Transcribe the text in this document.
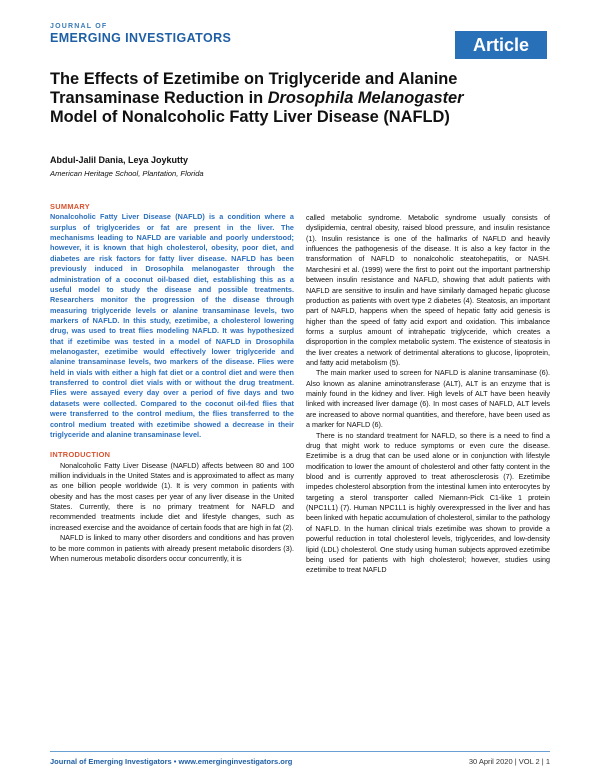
JOURNAL OF
EMERGING INVESTIGATORS	Article
The Effects of Ezetimibe on Triglyceride and Alanine
Transaminase Reduction in Drosophila Melanogaster
Model of Nonalcoholic Fatty Liver Disease (NAFLD)
Abdul-Jalil Dania, Leya Joykutty
American Heritage School, Plantation, Florida
SUMMARY

Nonalcoholic Fatty Liver Disease (NAFLD) is a condition where a surplus of triglycerides or fat are present in the liver. The mechanisms leading to NAFLD are variable and poorly understood; however, it is known that high cholesterol, obesity, poor diet, and diabetes are risk factors for fatty liver disease. NAFLD has been previously induced in Drosophila melanogaster through the administration of a coconut oil-based diet, establishing this as a useful model to study the disease and possible treatments. Researchers monitor the progression of the disease through measuring triglyceride levels or alanine transaminase levels, two markers of NAFLD. In this study, ezetimibe, a cholesterol lowering drug, was used to treat flies modeling NAFLD. It was hypothesized that if ezetimibe was tested in a model of NAFLD in Drosophila melanogaster, ezetimibe would effectively lower triglyceride and alanine transaminase levels, two markers of the disease. Flies were held in vials with either a high fat diet or a control diet and were then transferred to control diet vials with or without the drug treatment. Flies were assayed every day over a period of five days and two datasets were collected. Compared to the coconut oil-fed flies that were transferred to the control medium, the flies transferred to the control medium treated with ezetimibe showed a decrease in their triglyceride and alanine transaminase level.

INTRODUCTION

Nonalcoholic Fatty Liver Disease (NAFLD) affects between 80 and 100 million individuals in the United States and is approximated to affect as many as one billion people worldwide (1). It is very common in patients with obesity and has the most cases per year of any liver disease in the United States. Currently, there is no primary treatment for NAFLD and recommended treatments include diet and lifestyle changes, such as increased exercise and the avoidance of certain foods that are high in fat (2).

NAFLD is linked to many other disorders and conditions and has proven to be more common in patients with already present metabolic disorders (3). When numerous metabolic disorders occur concurrently, it is

called metabolic syndrome. Metabolic syndrome usually consists of dyslipidemia, central obesity, raised blood pressure, and insulin resistance (1). Insulin resistance is one of the hallmarks of NAFLD and heavily influences the pathogenesis of the disease. It is also a key factor in the transformation of NAFLD to nonalcoholic steatohepatitis, or NASH. Marchesini et al. (1999) were the first to point out the important partnership between insulin resistance and NAFLD, showing that adult patients with NAFLD are sensitive to insulin and have similarly damaged hepatic glucose production as patients with overt type 2 diabetes (4). Steatosis, an important part of NAFLD, happens when the speed of hepatic fatty acid genesis is higher than the speed of fatty acid export and oxidation. This imbalance forms a surplus amount of intrahepatic triglyceride, which creates a disproportion in the complex metabolic system. The existence of steatosis in the liver creates a network of detrimental alterations to glucose, lipoprotein, and fatty acid metabolism (5).

The main marker used to screen for NAFLD is alanine transaminase (6). Also known as alanine aminotransferase (ALT), ALT is an enzyme that is mainly found in the kidney and liver. High levels of ALT have been heavily linked with increased liver damage (6). In most cases of NAFLD, ALT levels are increased to above normal quantities, and therefore, have been used as a marker for NAFLD (6).

There is no standard treatment for NAFLD, so there is a need to find a drug that might work to reduce symptoms or even cure the disease. Ezetimibe is a drug that can be used alone or in conjunction with lifestyle modification to lower the amount of cholesterol and other fatty content in the blood and is currently approved to treat atherosclerosis (7). Ezetimibe impedes cholesterol absorption from the intestinal lumen into enterocytes by targeting a sterol transporter called Niemann-Pick C1-like 1 protein (NPC1L1) (7). Human NPC1L1 is highly overexpressed in the liver and has been linked with hepatic accumulation of cholesterol, similar to the pathology of NAFLD. In the human clinical trials ezetimibe was shown to provide a powerful reduction in total cholesterol levels, triglycerides, and low-density lipid (LDL) cholesterol. One study using human subjects approved ezetimibe being used for patients with high cholesterol; however, studies using ezetimibe to treat NAFLD

Journal of Emerging Investigators • www.emerginginvestigators.org	30 April 2020 | VOL 2 | 1
